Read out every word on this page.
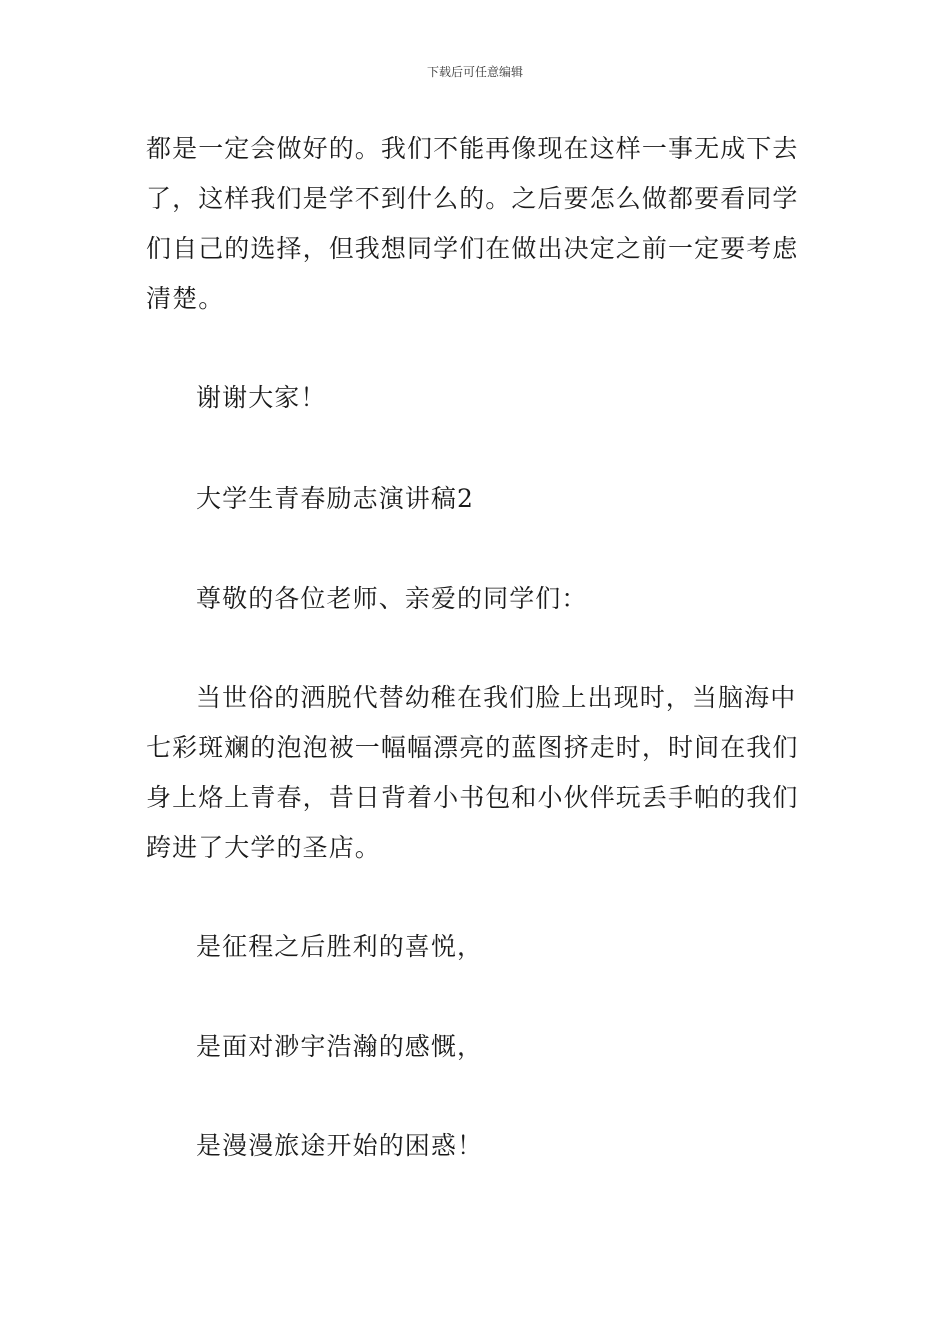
下载后可任意编辑

都是一定会做好的。我们不能再像现在这样一事无成下去
了，这样我们是学不到什么的。之后要怎么做都要看同学
们自己的选择，但我想同学们在做出决定之前一定要考虑
清楚。

谢谢大家！

大学生青春励志演讲稿2

尊敬的各位老师、亲爱的同学们：

当世俗的洒脱代替幼稚在我们脸上出现时，当脑海中
七彩斑斓的泡泡被一幅幅漂亮的蓝图挤走时，时间在我们
身上烙上青春，昔日背着小书包和小伙伴玩丢手帕的我们
跨进了大学的圣店。

是征程之后胜利的喜悦，

是面对渺宇浩瀚的感慨，

是漫漫旅途开始的困惑！
